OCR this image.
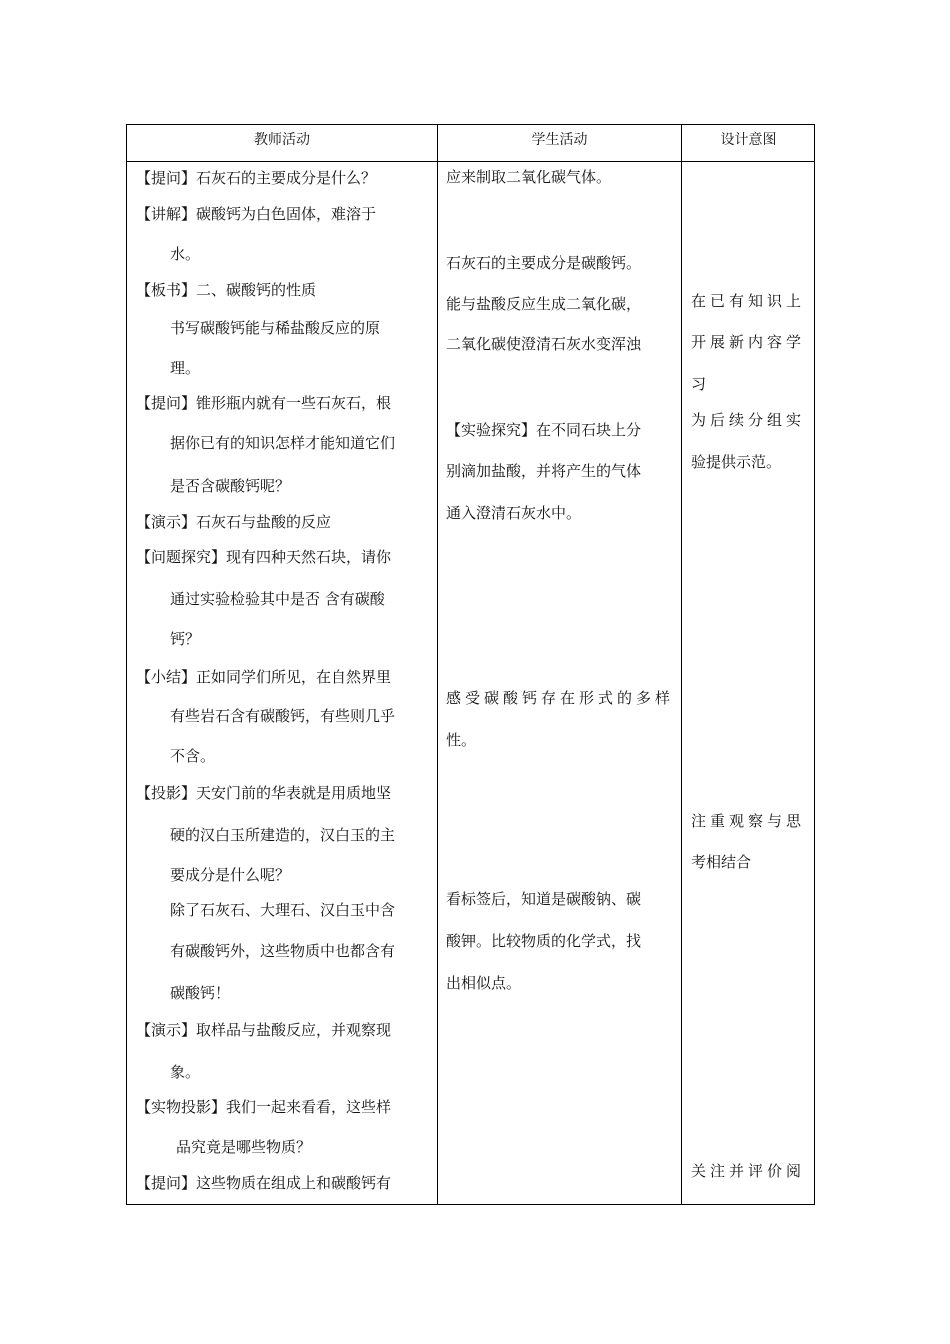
教师活动	学生活动	设计意图
【提问】石灰石的主要成分是什么？
【讲解】碳酸钙为白色固体，难溶于
水。
【板书】二、碳酸钙的性质
书写碳酸钙能与稀盐酸反应的原
理。
【提问】锥形瓶内就有一些石灰石，根
据你已有的知识怎样才能知道它们
是否含碳酸钙呢？
【演示】石灰石与盐酸的反应
【问题探究】现有四种天然石块，请你
通过实验检验其中是否 含有碳酸
钙？
【小结】正如同学们所见，在自然界里
有些岩石含有碳酸钙，有些则几乎
不含。
【投影】天安门前的华表就是用质地坚
硬的汉白玉所建造的，汉白玉的主
要成分是什么呢？
除了石灰石、大理石、汉白玉中含
有碳酸钙外，这些物质中也都含有
碳酸钙！
【演示】取样品与盐酸反应，并观察现
象。
【实物投影】我们一起来看看，这些样
品究竟是哪些物质？
【提问】这些物质在组成上和碳酸钙有
应来制取二氧化碳气体。
石灰石的主要成分是碳酸钙。
能与盐酸反应生成二氧化碳，
二氧化碳使澄清石灰水变浑浊
【实验探究】在不同石块上分
别滴加盐酸，并将产生的气体
通入澄清石灰水中。
感受碳酸钙存在形式的多样
性。
看标签后，知道是碳酸钠、碳
酸钾。比较物质的化学式，找
出相似点。
在已有知识上
开展新内容学
习
为后续分组实
验提供示范。
注重观察与思
考相结合
关注并评价阅
